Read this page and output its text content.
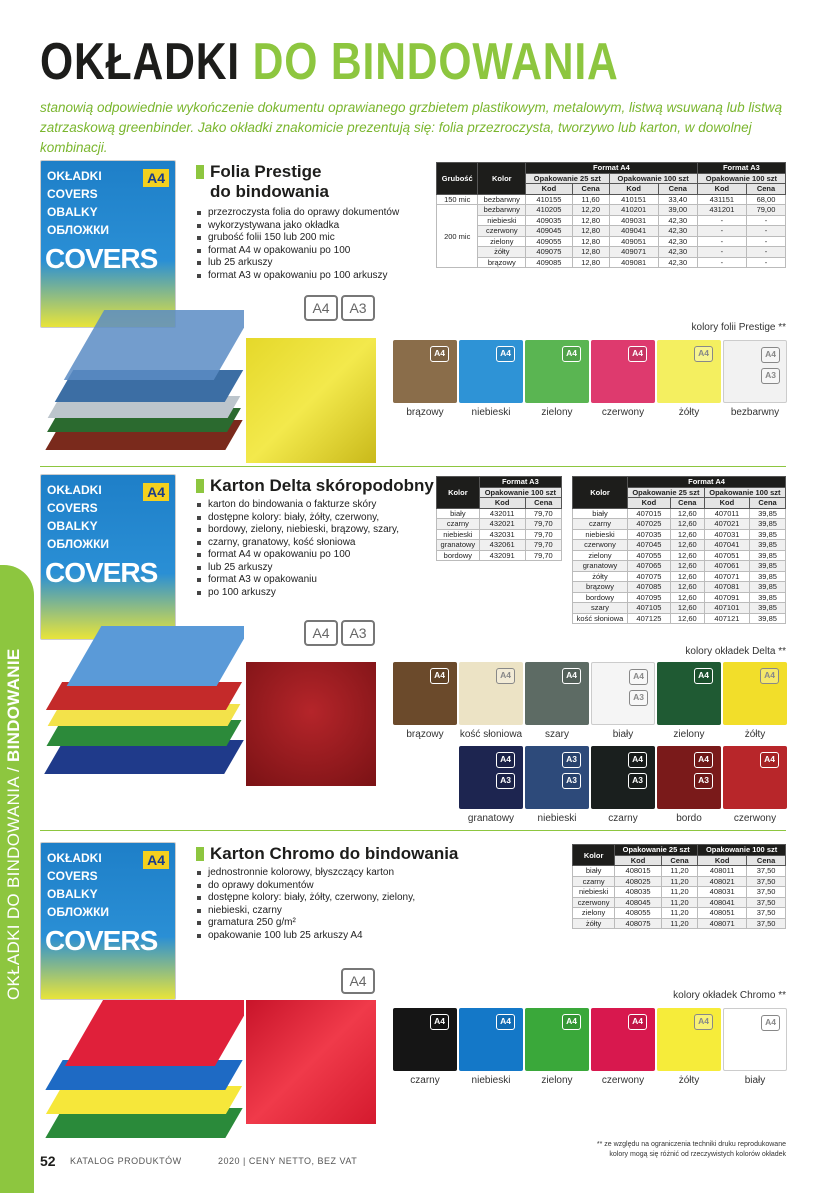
OKŁADKI DO BINDOWANIA
stanowią odpowiednie wykończenie dokumentu oprawianego grzbietem plastikowym, metalowym, listwą wsuwaną lub listwą zatrzaskową greenbinder. Jako okładki znakomicie prezentują się: folia przezroczysta, tworzywo lub karton, w dowolnej kombinacji.
OKŁADKI DO BINDOWANIA / BINDOWANIE
OKŁADKI	A4
COVERS
OBALKY
ОБЛОЖКИ
COVERS
Folia Prestige
do bindowania
przezroczysta folia do oprawy dokumentów
wykorzystywana jako okładka
grubość folii 150 lub 200 mic
format A4 w opakowaniu po 100
lub 25 arkuszy
format A3 w opakowaniu po 100 arkuszy
A4	A3
Grubość	Kolor	Format A4				Format A3	
		Opakowanie 25 szt		Opakowanie 100 szt		Opakowanie 100 szt	
		Kod	Cena	Kod	Cena	Kod	Cena
150 mic	bezbarwny	410155	11,60	410151	33,40	431151	68,00
200 mic	bezbarwny	410205	12,20	410201	39,00	431201	79,00
	niebieski	409035	12,80	409031	42,30	-	-
	czerwony	409045	12,80	409041	42,30	-	-
	zielony	409055	12,80	409051	42,30	-	-
	żółty	409075	12,80	409071	42,30	-	-
	brązowy	409085	12,80	409081	42,30	-	-
kolory folii Prestige **
A4
brązowy
A4
niebieski
A4
zielony
A4
czerwony
A4
żółty
A4
A3
bezbarwny
OKŁADKI	A4
COVERS
OBALKY
ОБЛОЖКИ
COVERS
Karton Delta skóropodobny
karton do bindowania o fakturze skóry
dostępne kolory: biały, żółty, czerwony,
bordowy, zielony, niebieski, brązowy, szary,
czarny, granatowy, kość słoniowa
format A4 w opakowaniu po 100
lub 25 arkuszy
format A3 w opakowaniu
po 100 arkuszy
A4	A3
Kolor	Format A3	
	Opakowanie 100 szt	
	Kod	Cena
biały	432011	79,70
czarny	432021	79,70
niebieski	432031	79,70
granatowy	432061	79,70
bordowy	432091	79,70
Kolor	Format A4			
	Opakowanie 25 szt		Opakowanie 100 szt	
	Kod	Cena	Kod	Cena
biały	407015	12,60	407011	39,85
czarny	407025	12,60	407021	39,85
niebieski	407035	12,60	407031	39,85
czerwony	407045	12,60	407041	39,85
zielony	407055	12,60	407051	39,85
granatowy	407065	12,60	407061	39,85
żółty	407075	12,60	407071	39,85
brązowy	407085	12,60	407081	39,85
bordowy	407095	12,60	407091	39,85
szary	407105	12,60	407101	39,85
kość słoniowa	407125	12,60	407121	39,85
kolory okładek Delta **
A4
brązowy
A4
kość słoniowa
A4
szary
A4
A3
biały
A4
zielony
A4
żółty
A4
A3
granatowy
A3
A3
niebieski
A4
A3
czarny
A4
A3
bordo
A4
czerwony
OKŁADKI	A4
COVERS
OBALKY
ОБЛОЖКИ
COVERS
Karton Chromo do bindowania
jednostronnie kolorowy, błyszczący karton
do oprawy dokumentów
dostępne kolory: biały, żółty, czerwony, zielony,
niebieski, czarny
gramatura 250 g/m²
opakowanie 100 lub 25 arkuszy A4
A4
Kolor	Opakowanie 25 szt		Opakowanie 100 szt	
	Kod	Cena	Kod	Cena
biały	408015	11,20	408011	37,50
czarny	408025	11,20	408021	37,50
niebieski	408035	11,20	408031	37,50
czerwony	408045	11,20	408041	37,50
zielony	408055	11,20	408051	37,50
żółty	408075	11,20	408071	37,50
kolory okładek Chromo **
A4
czarny
A4
niebieski
A4
zielony
A4
czerwony
A4
żółty
A4
biały
** ze względu na ograniczenia techniki druku reprodukowane
kolory mogą się różnić od rzeczywistych kolorów okładek
52 KATALOG PRODUKTÓW	2020 | CENY NETTO, BEZ VAT
